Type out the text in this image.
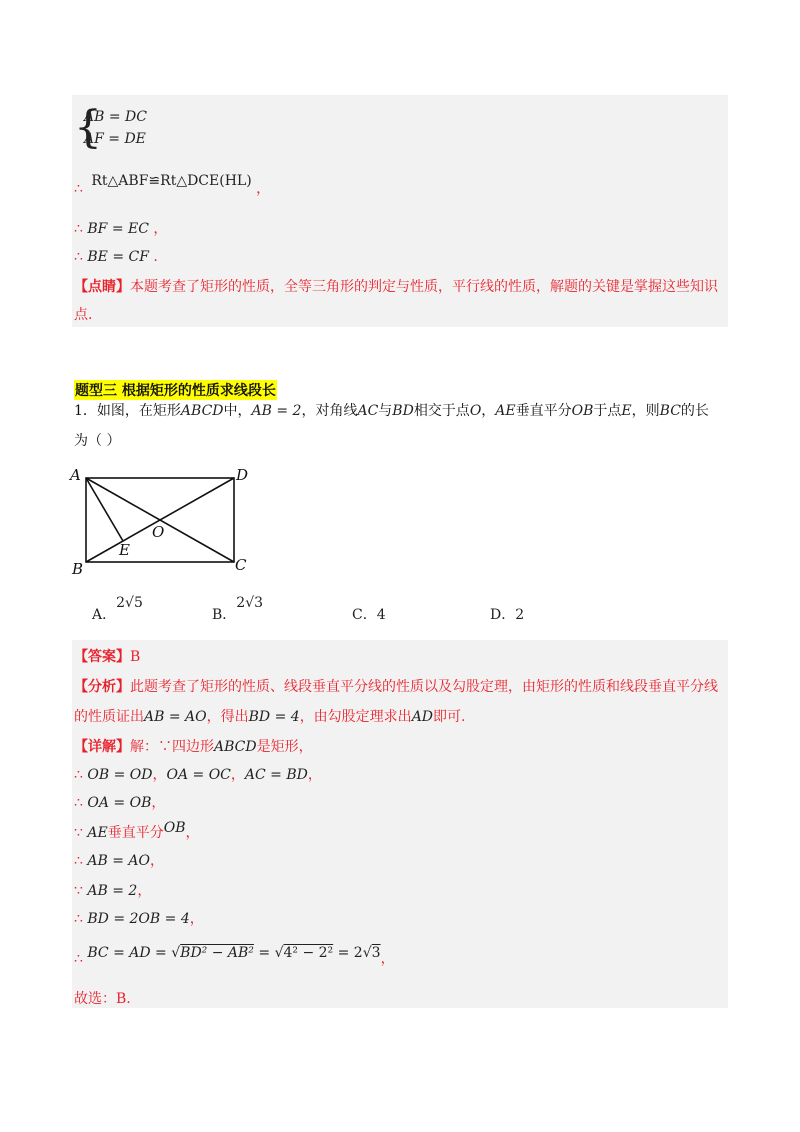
{
AB = DC
AF = DE
∴ Rt△ABF≌Rt△DCE(HL) ，
∴ BF = EC ，
∴ BE = CF .
【点睛】本题考查了矩形的性质，全等三角形的判定与性质，平行线的性质，解题的关键是掌握这些知识
点.
题型三 根据矩形的性质求线段长
1．如图，在矩形ABCD中，AB = 2，对角线AC与BD相交于点O，AE垂直平分OB于点E，则BC的长
为（ ）
A	D
B	C
O
E
A．2√5
B．2√3
C．4	D．2
【答案】B
【分析】此题考查了矩形的性质、线段垂直平分线的性质以及勾股定理，由矩形的性质和线段垂直平分线
的性质证出AB = AO，得出BD = 4，由勾股定理求出AD即可.
【详解】解：∵四边形ABCD是矩形，
∴ OB = OD，OA = OC，AC = BD，
∴ OA = OB，
∵ AE垂直平分OB，
∴ AB = AO，
∵ AB = 2，
∴ BD = 2OB = 4，
∴ BC = AD = √BD² − AB² = √4² − 2² = 2√3，
故选：B.
